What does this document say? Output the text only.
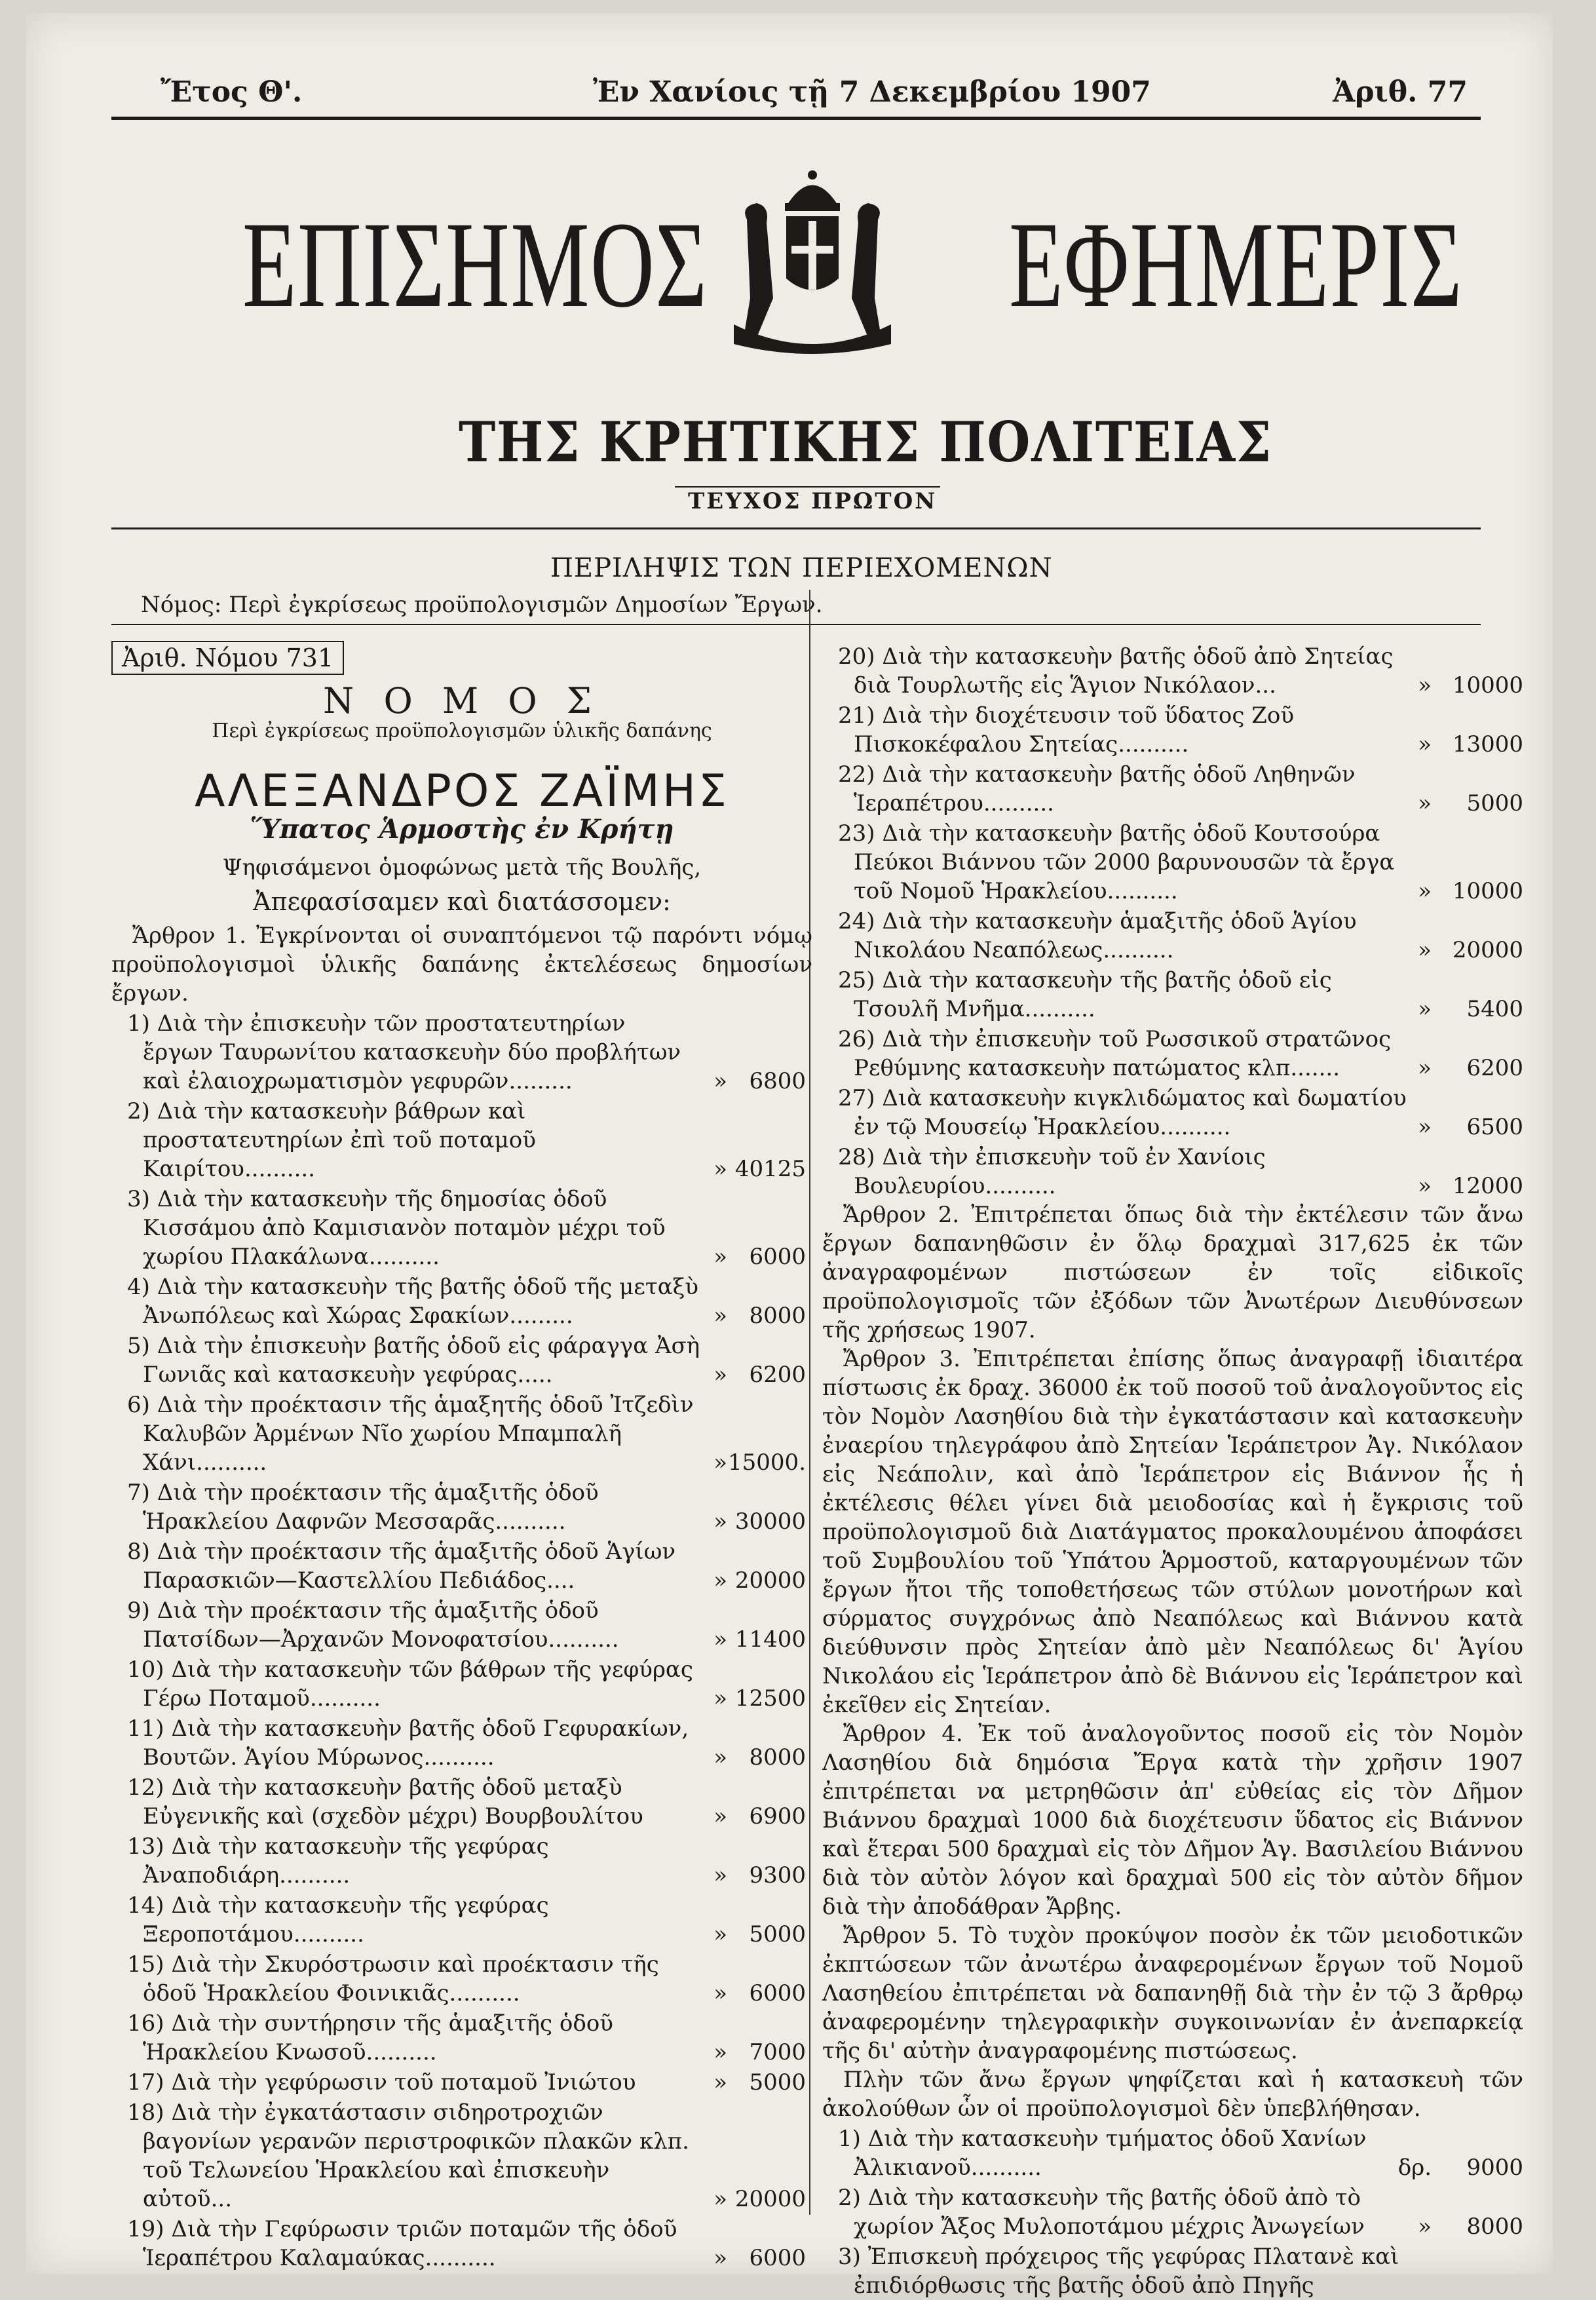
Ἔτος Θ'.	Ἐν Χανίοις τῇ 7 Δεκεμβρίου 1907	Ἀριθ. 77
ΕΠΙΣΗΜΟΣ ΕΦΗΜΕΡΙΣ
ΤΗΣ ΚΡΗΤΙΚΗΣ ΠΟΛΙΤΕΙΑΣ
ΤΕΥΧΟΣ ΠΡΩΤΟΝ
ΠΕΡΙΛΗΨΙΣ ΤΩΝ ΠΕΡΙΕΧΟΜΕΝΩΝ
Νόμος: Περὶ ἐγκρίσεως προϋπολογισμῶν Δημοσίων Ἔργων.
Ἀριθ. Νόμου 731
Ν Ο Μ Ο Σ
Περὶ ἐγκρίσεως προϋπολογισμῶν ὑλικῆς δαπάνης
ΑΛΕΞΑΝΔΡΟΣ ΖΑΪΜΗΣ
Ὕπατος Ἁρμοστὴς ἐν Κρήτῃ
Ψηφισάμενοι ὁμοφώνως μετὰ τῆς Βουλῆς,
Ἀπεφασίσαμεν καὶ διατάσσομεν:
Ἄρθρον 1. Ἐγκρίνονται οἱ συναπτόμενοι τῷ παρόντι νόμῳ προϋπολογισμοὶ ὑλικῆς δαπάνης ἐκτελέσεως δημοσίων ἔργων.
1) Διὰ τὴν ἐπισκευὴν τῶν προστατευτηρίων ἔργων Ταυρωνίτου κατασκευὴν δύο προβλήτων καὶ ἐλαιοχρωματισμὸν γεφυρῶν.........	» 6800
2) Διὰ τὴν κατασκευὴν βάθρων καὶ προστατευτηρίων ἐπὶ τοῦ ποταμοῦ Καιρίτου..........	» 40125
3) Διὰ τὴν κατασκευὴν τῆς δημοσίας ὁδοῦ Κισσάμου ἀπὸ Καμισιανὸν ποταμὸν μέχρι τοῦ χωρίου Πλακάλωνα..........	» 6000
4) Διὰ τὴν κατασκευὴν τῆς βατῆς ὁδοῦ τῆς μεταξὺ Ἀνωπόλεως καὶ Χώρας Σφακίων.........	» 8000
5) Διὰ τὴν ἐπισκευὴν βατῆς ὁδοῦ εἰς φάραγγα Ἀσὴ Γωνιᾶς καὶ κατασκευὴν γεφύρας.....	» 6200
6) Διὰ τὴν προέκτασιν τῆς ἁμαξητῆς ὁδοῦ Ἰτζεδὶν Καλυβῶν Ἀρμένων Νῖο χωρίου Μπαμπαλῆ Χάνι..........	» 15000.
7) Διὰ τὴν προέκτασιν τῆς ἁμαξιτῆς ὁδοῦ Ἡρακλείου Δαφνῶν Μεσσαρᾶς..........	» 30000
8) Διὰ τὴν προέκτασιν τῆς ἁμαξιτῆς ὁδοῦ Ἁγίων Παρασκιῶν—Καστελλίου Πεδιάδος....	» 20000
9) Διὰ τὴν προέκτασιν τῆς ἁμαξιτῆς ὁδοῦ Πατσίδων—Ἀρχανῶν Μονοφατσίου..........	» 11400
10) Διὰ τὴν κατασκευὴν τῶν βάθρων τῆς γεφύρας Γέρω Ποταμοῦ..........	» 12500
11) Διὰ τὴν κατασκευὴν βατῆς ὁδοῦ Γεφυρακίων, Βουτῶν. Ἁγίου Μύρωνος..........	» 8000
12) Διὰ τὴν κατασκευὴν βατῆς ὁδοῦ μεταξὺ Εὐγενικῆς καὶ (σχεδὸν μέχρι) Βουρβουλίτου	» 6900
13) Διὰ τὴν κατασκευὴν τῆς γεφύρας Ἀναποδιάρη..........	» 9300
14) Διὰ τὴν κατασκευὴν τῆς γεφύρας Ξεροποτάμου..........	» 5000
15) Διὰ τὴν Σκυρόστρωσιν καὶ προέκτασιν τῆς ὁδοῦ Ἡρακλείου Φοινικιᾶς..........	» 6000
16) Διὰ τὴν συντήρησιν τῆς ἁμαξιτῆς ὁδοῦ Ἡρακλείου Κνωσοῦ..........	» 7000
17) Διὰ τὴν γεφύρωσιν τοῦ ποταμοῦ Ἰνιώτου	» 5000
18) Διὰ τὴν ἐγκατάστασιν σιδηροτροχιῶν βαγονίων γερανῶν περιστροφικῶν πλακῶν κλπ. τοῦ Τελωνείου Ἡρακλείου καὶ ἐπισκευὴν αὐτοῦ...	» 20000
19) Διὰ τὴν Γεφύρωσιν τριῶν ποταμῶν τῆς ὁδοῦ Ἱεραπέτρου Καλαμαύκας..........	» 6000
20) Διὰ τὴν κατασκευὴν βατῆς ὁδοῦ ἀπὸ Σητείας διὰ Τουρλωτῆς εἰς Ἅγιον Νικόλαον...	» 10000
21) Διὰ τὴν διοχέτευσιν τοῦ ὕδατος Ζοῦ Πισκοκέφαλου Σητείας..........	» 13000
22) Διὰ τὴν κατασκευὴν βατῆς ὁδοῦ Ληθηνῶν Ἱεραπέτρου..........	» 5000
23) Διὰ τὴν κατασκευὴν βατῆς ὁδοῦ Κουτσούρα Πεύκοι Βιάννου τῶν 2000 βαρυνουσῶν τὰ ἔργα τοῦ Νομοῦ Ἡρακλείου..........	» 10000
24) Διὰ τὴν κατασκευὴν ἁμαξιτῆς ὁδοῦ Ἁγίου Νικολάου Νεαπόλεως..........	» 20000
25) Διὰ τὴν κατασκευὴν τῆς βατῆς ὁδοῦ εἰς Τσουλῆ Μνῆμα..........	» 5400
26) Διὰ τὴν ἐπισκευὴν τοῦ Ρωσσικοῦ στρατῶνος Ρεθύμνης κατασκευὴν πατώματος κλπ.......	» 6200
27) Διὰ κατασκευὴν κιγκλιδώματος καὶ δωματίου ἐν τῷ Μουσείῳ Ἡρακλείου..........	» 6500
28) Διὰ τὴν ἐπισκευὴν τοῦ ἐν Χανίοις Βουλευρίου..........	» 12000
Ἄρθρον 2. Ἐπιτρέπεται ὅπως διὰ τὴν ἐκτέλεσιν τῶν ἄνω ἔργων δαπανηθῶσιν ἐν ὅλῳ δραχμαὶ 317,625 ἐκ τῶν ἀναγραφομένων πιστώσεων ἐν τοῖς εἰδικοῖς προϋπολογισμοῖς τῶν ἐξόδων τῶν Ἀνωτέρων Διευθύνσεων τῆς χρήσεως 1907.
Ἄρθρον 3. Ἐπιτρέπεται ἐπίσης ὅπως ἀναγραφῇ ἰδιαιτέρα πίστωσις ἐκ δραχ. 36000 ἐκ τοῦ ποσοῦ τοῦ ἀναλογοῦντος εἰς τὸν Νομὸν Λασηθίου διὰ τὴν ἐγκατάστασιν καὶ κατασκευὴν ἐναερίου τηλεγράφου ἀπὸ Σητείαν Ἱεράπετρον Ἀγ. Νικόλαον εἰς Νεάπολιν, καὶ ἀπὸ Ἱεράπετρον εἰς Βιάννον ἧς ἡ ἐκτέλεσις θέλει γίνει διὰ μειοδοσίας καὶ ἡ ἔγκρισις τοῦ προϋπολογισμοῦ διὰ Διατάγματος προκαλουμένου ἀποφάσει τοῦ Συμβουλίου τοῦ Ὑπάτου Ἁρμοστοῦ, καταργουμένων τῶν ἔργων ἤτοι τῆς τοποθετήσεως τῶν στύλων μονοτήρων καὶ σύρματος συγχρόνως ἀπὸ Νεαπόλεως καὶ Βιάννου κατὰ διεύθυνσιν πρὸς Σητείαν ἀπὸ μὲν Νεαπόλεως δι' Ἁγίου Νικολάου εἰς Ἱεράπετρον ἀπὸ δὲ Βιάννου εἰς Ἱεράπετρον καὶ ἐκεῖθεν εἰς Σητείαν.
Ἄρθρον 4. Ἐκ τοῦ ἀναλογοῦντος ποσοῦ εἰς τὸν Νομὸν Λασηθίου διὰ δημόσια Ἔργα κατὰ τὴν χρῆσιν 1907 ἐπιτρέπεται να μετρηθῶσιν ἀπ' εὐθείας εἰς τὸν Δῆμον Βιάννου δραχμαὶ 1000 διὰ διοχέτευσιν ὕδατος εἰς Βιάννον καὶ ἕτεραι 500 δραχμαὶ εἰς τὸν Δῆμον Ἁγ. Βασιλείου Βιάννου διὰ τὸν αὐτὸν λόγον καὶ δραχμαὶ 500 εἰς τὸν αὐτὸν δῆμον διὰ τὴν ἀποδάθραν Ἄρβης.
Ἄρθρον 5. Τὸ τυχὸν προκύψον ποσὸν ἐκ τῶν μειοδοτικῶν ἐκπτώσεων τῶν ἀνωτέρω ἀναφερομένων ἔργων τοῦ Νομοῦ Λασηθείου ἐπιτρέπεται νὰ δαπανηθῇ διὰ τὴν ἐν τῷ 3 ἄρθρῳ ἀναφερομένην τηλεγραφικὴν συγκοινωνίαν ἐν ἀνεπαρκείᾳ τῆς δι' αὐτὴν ἀναγραφομένης πιστώσεως.
Πλὴν τῶν ἄνω ἔργων ψηφίζεται καὶ ἡ κατασκευὴ τῶν ἀκολούθων ὧν οἱ προϋπολογισμοὶ δὲν ὑπεβλήθησαν.
1) Διὰ τὴν κατασκευὴν τμήματος ὁδοῦ Χανίων Ἀλικιανοῦ..........	δρ. 9000
2) Διὰ τὴν κατασκευὴν τῆς βατῆς ὁδοῦ ἀπὸ τὸ χωρίον Ἄξος Μυλοποτάμου μέχρις Ἀνωγείων » 8000
3) Ἐπισκευὴ πρόχειρος τῆς γεφύρας Πλατανὲ καὶ ἐπιδιόρθωσις τῆς βατῆς ὁδοῦ ἀπὸ Πηγῆς
